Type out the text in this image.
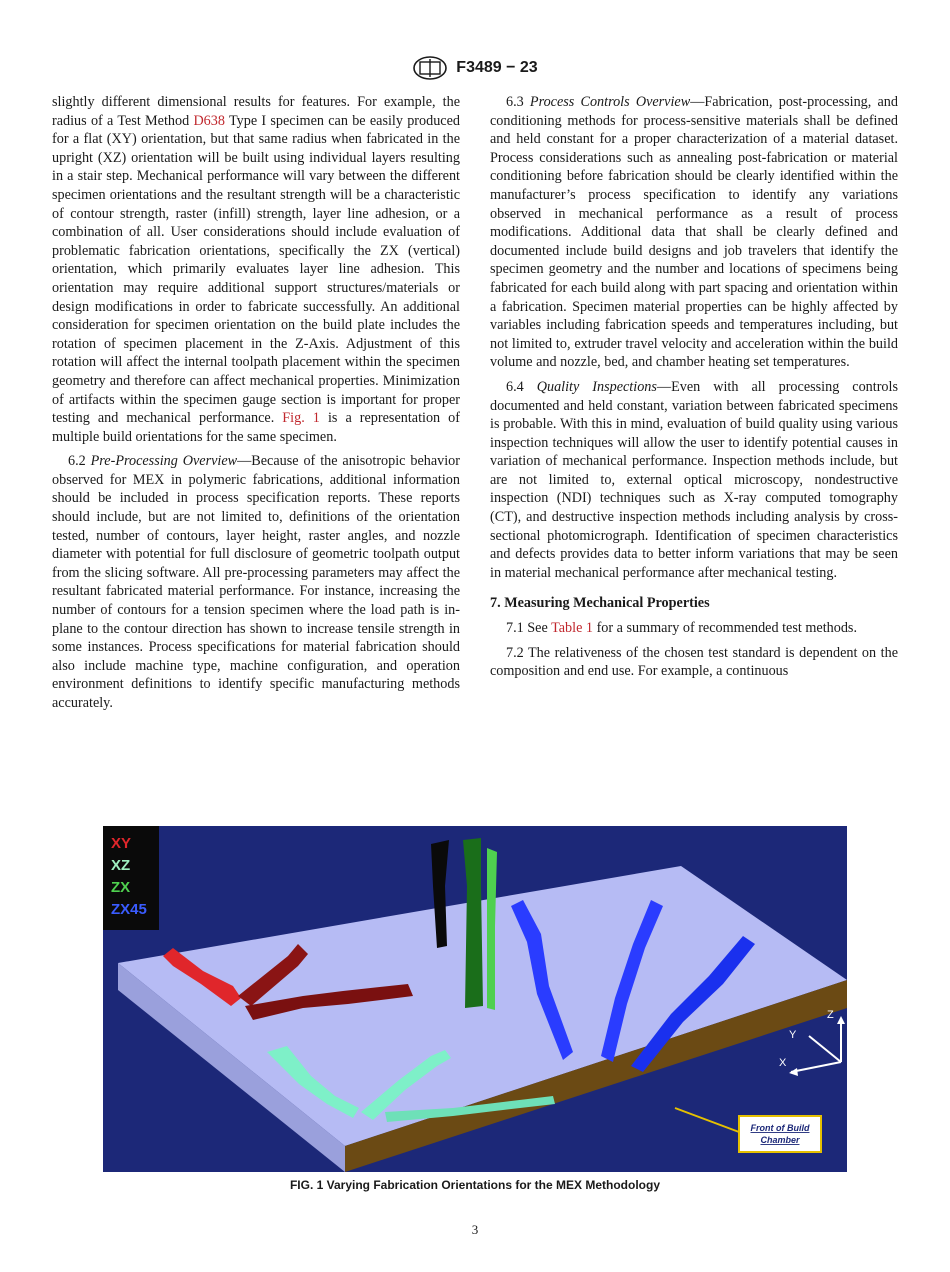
F3489 − 23

slightly different dimensional results for features. For example, the radius of a Test Method D638 Type I specimen can be easily produced for a flat (XY) orientation, but that same radius when fabricated in the upright (XZ) orientation will be built using individual layers resulting in a stair step. Mechanical performance will vary between the different specimen orientations and the resultant strength will be a characteristic of contour strength, raster (infill) strength, layer line adhesion, or a combination of all. User considerations should include evaluation of problematic fabrication orientations, specifically the ZX (vertical) orientation, which primarily evaluates layer line adhesion. This orientation may require additional support structures/materials or design modifications in order to fabricate successfully. An additional consideration for specimen orientation on the build plate includes the rotation of specimen placement in the Z-Axis. Adjustment of this rotation will affect the internal toolpath placement within the specimen geometry and therefore can affect mechanical properties. Minimization of artifacts within the specimen gauge section is important for proper testing and mechanical performance. Fig. 1 is a representation of multiple build orientations for the same specimen.

6.2 Pre-Processing Overview—Because of the anisotropic behavior observed for MEX in polymeric fabrications, additional information should be included in process specification reports. These reports should include, but are not limited to, definitions of the orientation tested, number of contours, layer height, raster angles, and nozzle diameter with potential for full disclosure of geometric toolpath output from the slicing software. All pre-processing parameters may affect the resultant fabricated material performance. For instance, increasing the number of contours for a tension specimen where the load path is in-plane to the contour direction has shown to increase tensile strength in some instances. Process specifications for material fabrication should also include machine type, machine configuration, and operation environment definitions to identify specific manufacturing methods accurately.

6.3 Process Controls Overview—Fabrication, post-processing, and conditioning methods for process-sensitive materials shall be defined and held constant for a proper characterization of a material dataset. Process considerations such as annealing post-fabrication or material conditioning before fabrication should be clearly identified within the manufacturer’s process specification to identify any variations observed in mechanical performance as a result of process modifications. Additional data that shall be clearly defined and documented include build designs and job travelers that identify the specimen geometry and the number and locations of specimens being fabricated for each build along with part spacing and orientation within a fabrication. Specimen material properties can be highly affected by variables including fabrication speeds and temperatures including, but not limited to, extruder travel velocity and acceleration within the build volume and nozzle, bed, and chamber heating set temperatures.

6.4 Quality Inspections—Even with all processing controls documented and held constant, variation between fabricated specimens is probable. With this in mind, evaluation of build quality using various inspection techniques will allow the user to identify potential causes in variation of mechanical performance. Inspection methods include, but are not limited to, external optical microscopy, nondestructive inspection (NDI) techniques such as X-ray computed tomography (CT), and destructive inspection methods including analysis by cross-sectional photomicrograph. Identification of specimen characteristics and defects provides data to better inform variations that may be seen in material mechanical performance after mechanical testing.

7. Measuring Mechanical Properties

7.1 See Table 1 for a summary of recommended test methods.

7.2 The relativeness of the chosen test standard is dependent on the composition and end use. For example, a continuous

XY
XZ
ZX
ZX45
Z
Y
X
Front of Build
Chamber
FIG. 1 Varying Fabrication Orientations for the MEX Methodology
3
